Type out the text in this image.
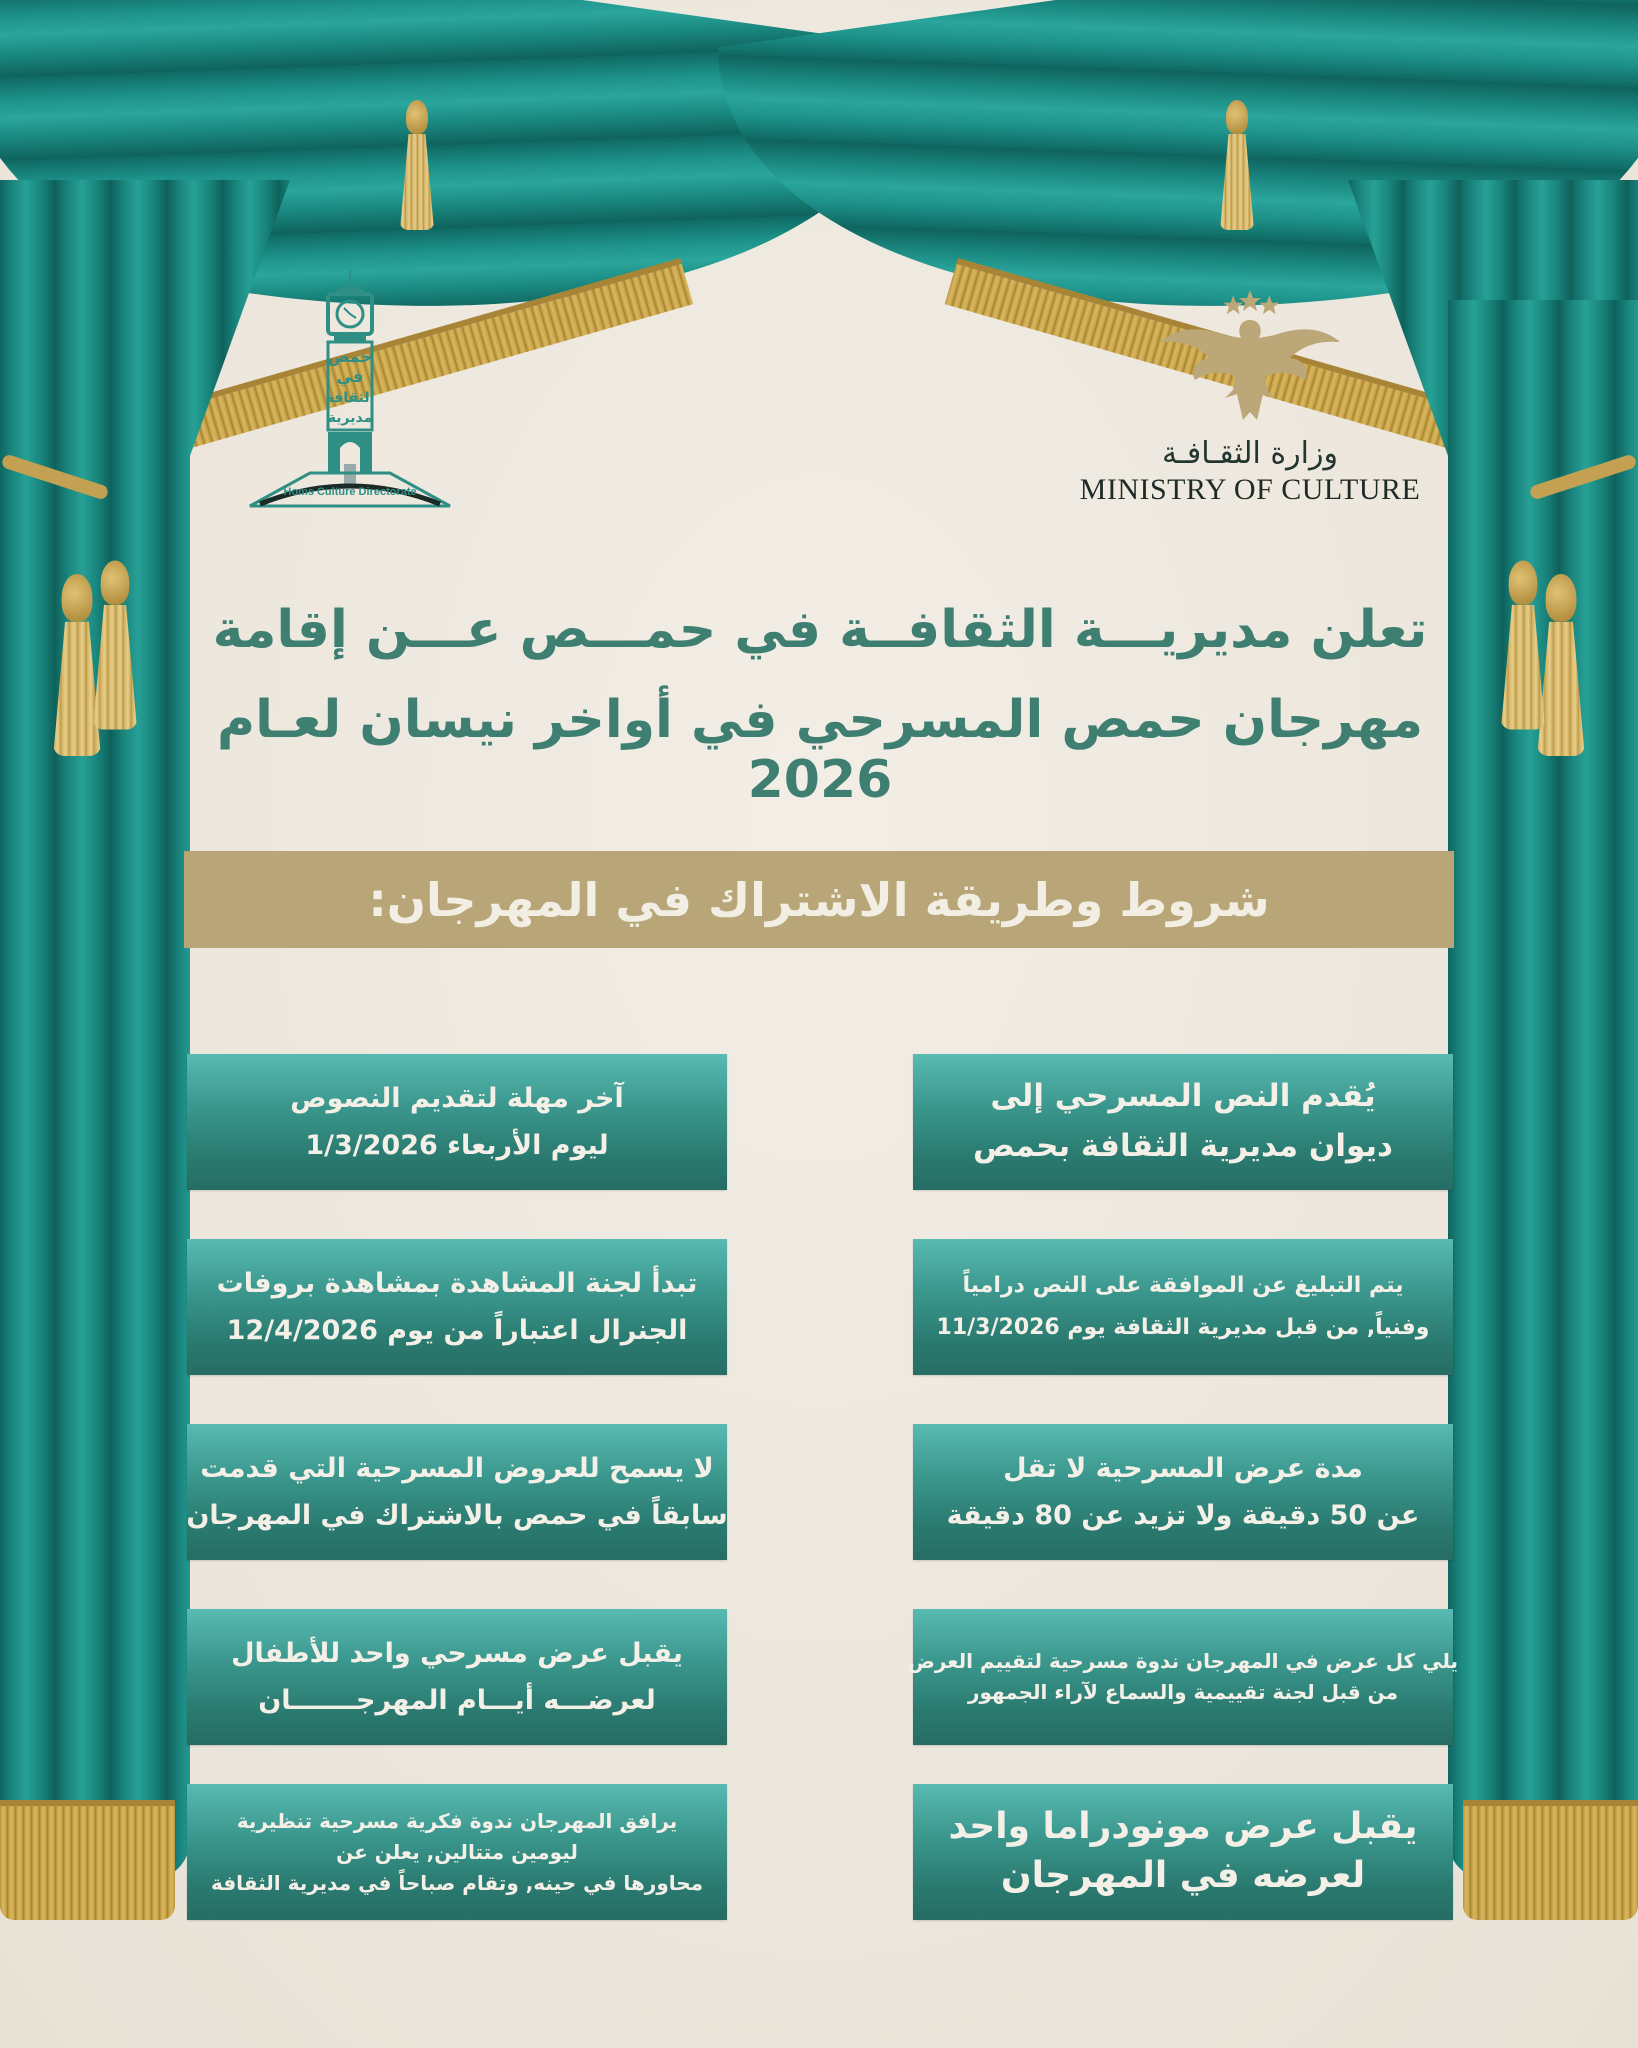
حمص
في
الثقافة
مديرية
Homs Culture Directorate
وزارة الثقـافـة
MINISTRY OF CULTURE
تعلن مديريـــة الثقافــة في حمـــص عـــن إقامة
مهرجان حمص المسرحي في أواخر نيسان لعـام 2026
شروط وطريقة الاشتراك في المهرجان:
يُقدم النص المسرحي إلى
ديوان مديرية الثقافة بحمص
يتم التبليغ عن الموافقة على النص درامياً
وفنياً, من قبل مديرية الثقافة يوم 11/3/2026
مدة عرض المسرحية لا تقل
عن 50 دقيقة ولا تزيد عن 80 دقيقة
يلي كل عرض في المهرجان ندوة مسرحية لتقييم العرض
من قبل لجنة تقييمية والسماع لآراء الجمهور
يقبل عرض مونودراما واحد
لعرضه في المهرجان
آخر مهلة لتقديم النصوص
ليوم الأربعاء 1/3/2026
تبدأ لجنة المشاهدة بمشاهدة بروفات
الجنرال اعتباراً من يوم 12/4/2026
لا يسمح للعروض المسرحية التي قدمت
سابقاً في حمص بالاشتراك في المهرجان
يقبل عرض مسرحي واحد للأطفال
لعرضـــه أيـــام المهرجـــــــان
يرافق المهرجان ندوة فكرية مسرحية تنظيرية
ليومين متتالين, يعلن عن
محاورها في حينه, وتقام صباحاً في مديرية الثقافة
